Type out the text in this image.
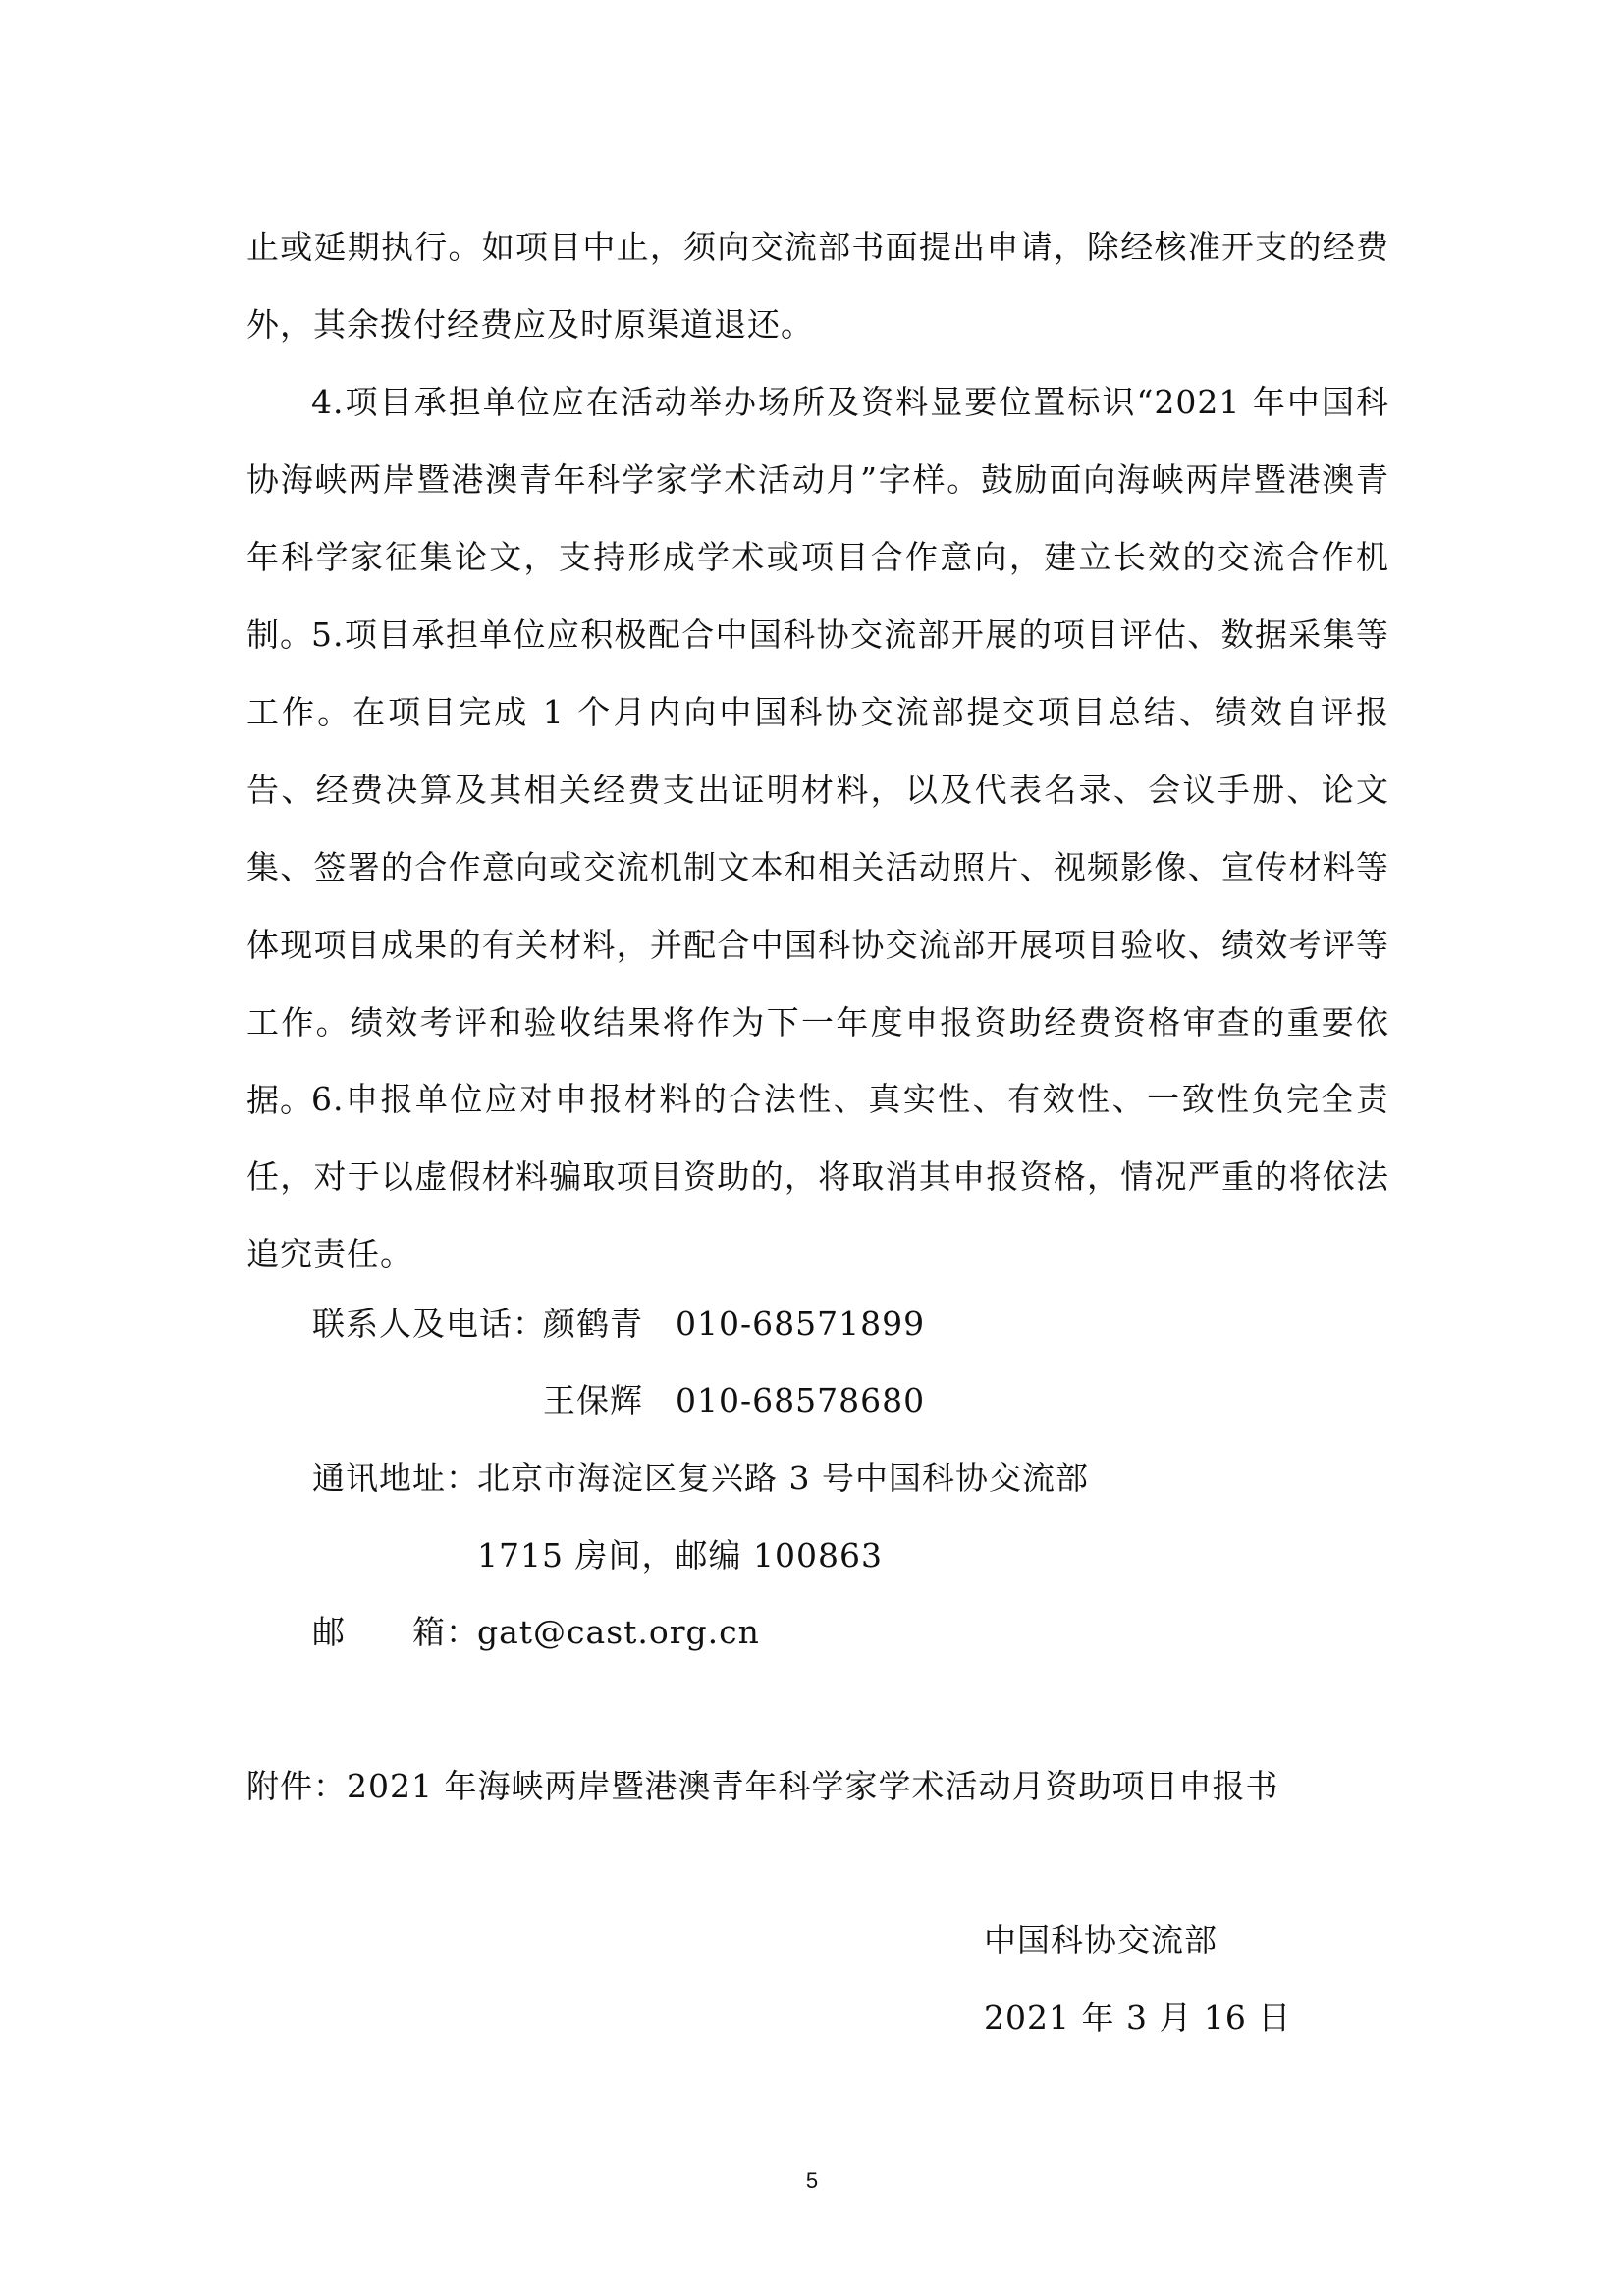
止或延期执行。如项目中止，须向交流部书面提出申请，除经核准开支的经费外，其余拨付经费应及时原渠道退还。

4.项目承担单位应在活动举办场所及资料显要位置标识“2021 年中国科协海峡两岸暨港澳青年科学家学术活动月”字样。鼓励面向海峡两岸暨港澳青年科学家征集论文，支持形成学术或项目合作意向，建立长效的交流合作机制。

5.项目承担单位应积极配合中国科协交流部开展的项目评估、数据采集等工作。在项目完成 1 个月内向中国科协交流部提交项目总结、绩效自评报告、经费决算及其相关经费支出证明材料，以及代表名录、会议手册、论文集、签署的合作意向或交流机制文本和相关活动照片、视频影像、宣传材料等体现项目成果的有关材料，并配合中国科协交流部开展项目验收、绩效考评等工作。绩效考评和验收结果将作为下一年度申报资助经费资格审查的重要依据。

6.申报单位应对申报材料的合法性、真实性、有效性、一致性负完全责任，对于以虚假材料骗取项目资助的，将取消其申报资格，情况严重的将依法追究责任。

联系人及电话：
颜鹤青 010-68571899
王保辉 010-68578680
通讯地址：
北京市海淀区复兴路 3 号中国科协交流部
1715 房间，邮编 100863
邮 箱：
gat@cast.org.cn
附件：2021 年海峡两岸暨港澳青年科学家学术活动月资助项目申报书
中国科协交流部
2021 年 3 月 16 日
5
